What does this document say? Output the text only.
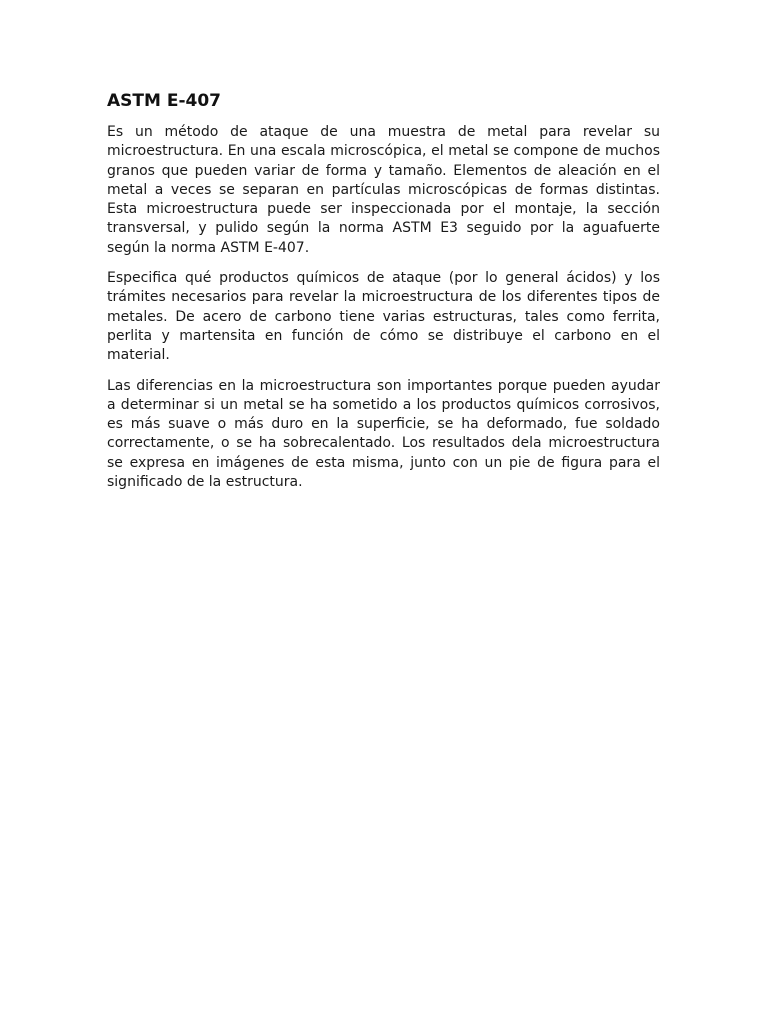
ASTM E-407

Es un método de ataque de una muestra de metal para revelar su microestructura. En una escala microscópica, el metal se compone de muchos granos que pueden variar de forma y tamaño. Elementos de aleación en el metal a veces se separan en partículas microscópicas de formas distintas. Esta microestructura puede ser inspeccionada por el montaje, la sección transversal, y pulido según la norma ASTM E3 seguido por la aguafuerte según la norma ASTM E-407.

Especifica qué productos químicos de ataque (por lo general ácidos) y los trámites necesarios para revelar la microestructura de los diferentes tipos de metales. De acero de carbono tiene varias estructuras, tales como ferrita, perlita y martensita en función de cómo se distribuye el carbono en el material.

Las diferencias en la microestructura son importantes porque pueden ayudar a determinar si un metal se ha sometido a los productos químicos corrosivos, es más suave o más duro en la superficie, se ha deformado, fue soldado correctamente, o se ha sobrecalentado. Los resultados dela microestructura se expresa en imágenes de esta misma, junto con un pie de figura para el significado de la estructura.
